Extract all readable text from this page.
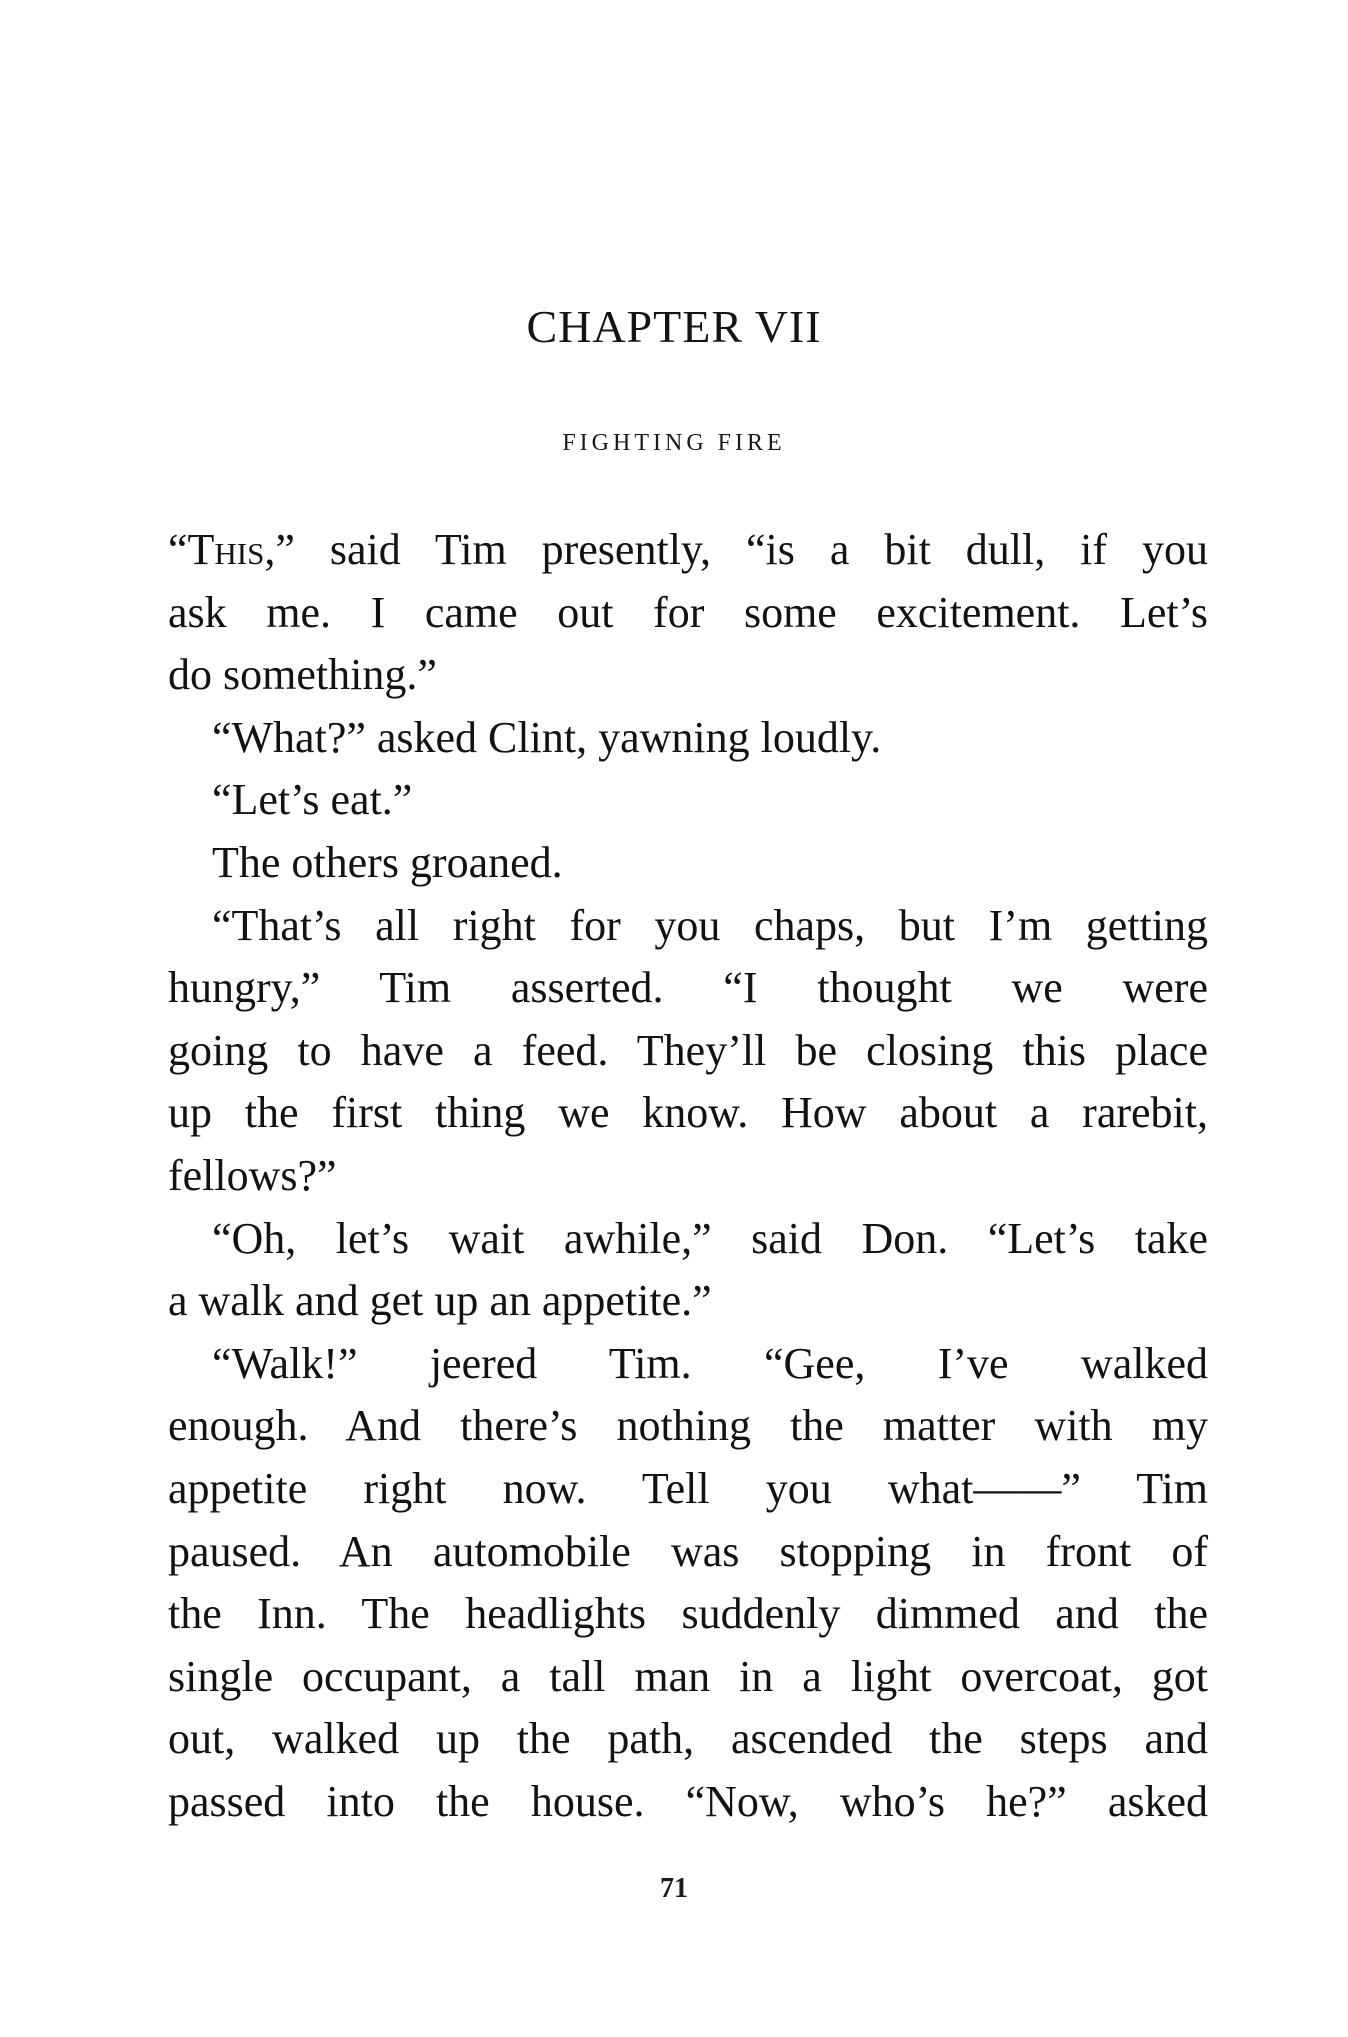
CHAPTER VII
FIGHTING FIRE
“This,” said Tim presently, “is a bit dull, if you
ask me. I came out for some excitement. Let’s
do something.”
“What?” asked Clint, yawning loudly.
“Let’s eat.”
The others groaned.
“That’s all right for you chaps, but I’m getting
hungry,” Tim asserted. “I thought we were
going to have a feed. They’ll be closing this place
up the first thing we know. How about a rarebit,
fellows?”
“Oh, let’s wait awhile,” said Don. “Let’s take
a walk and get up an appetite.”
“Walk!” jeered Tim. “Gee, I’ve walked
enough. And there’s nothing the matter with my
appetite right now. Tell you what——” Tim
paused. An automobile was stopping in front of
the Inn. The headlights suddenly dimmed and the
single occupant, a tall man in a light overcoat, got
out, walked up the path, ascended the steps and
passed into the house. “Now, who’s he?” asked
71
